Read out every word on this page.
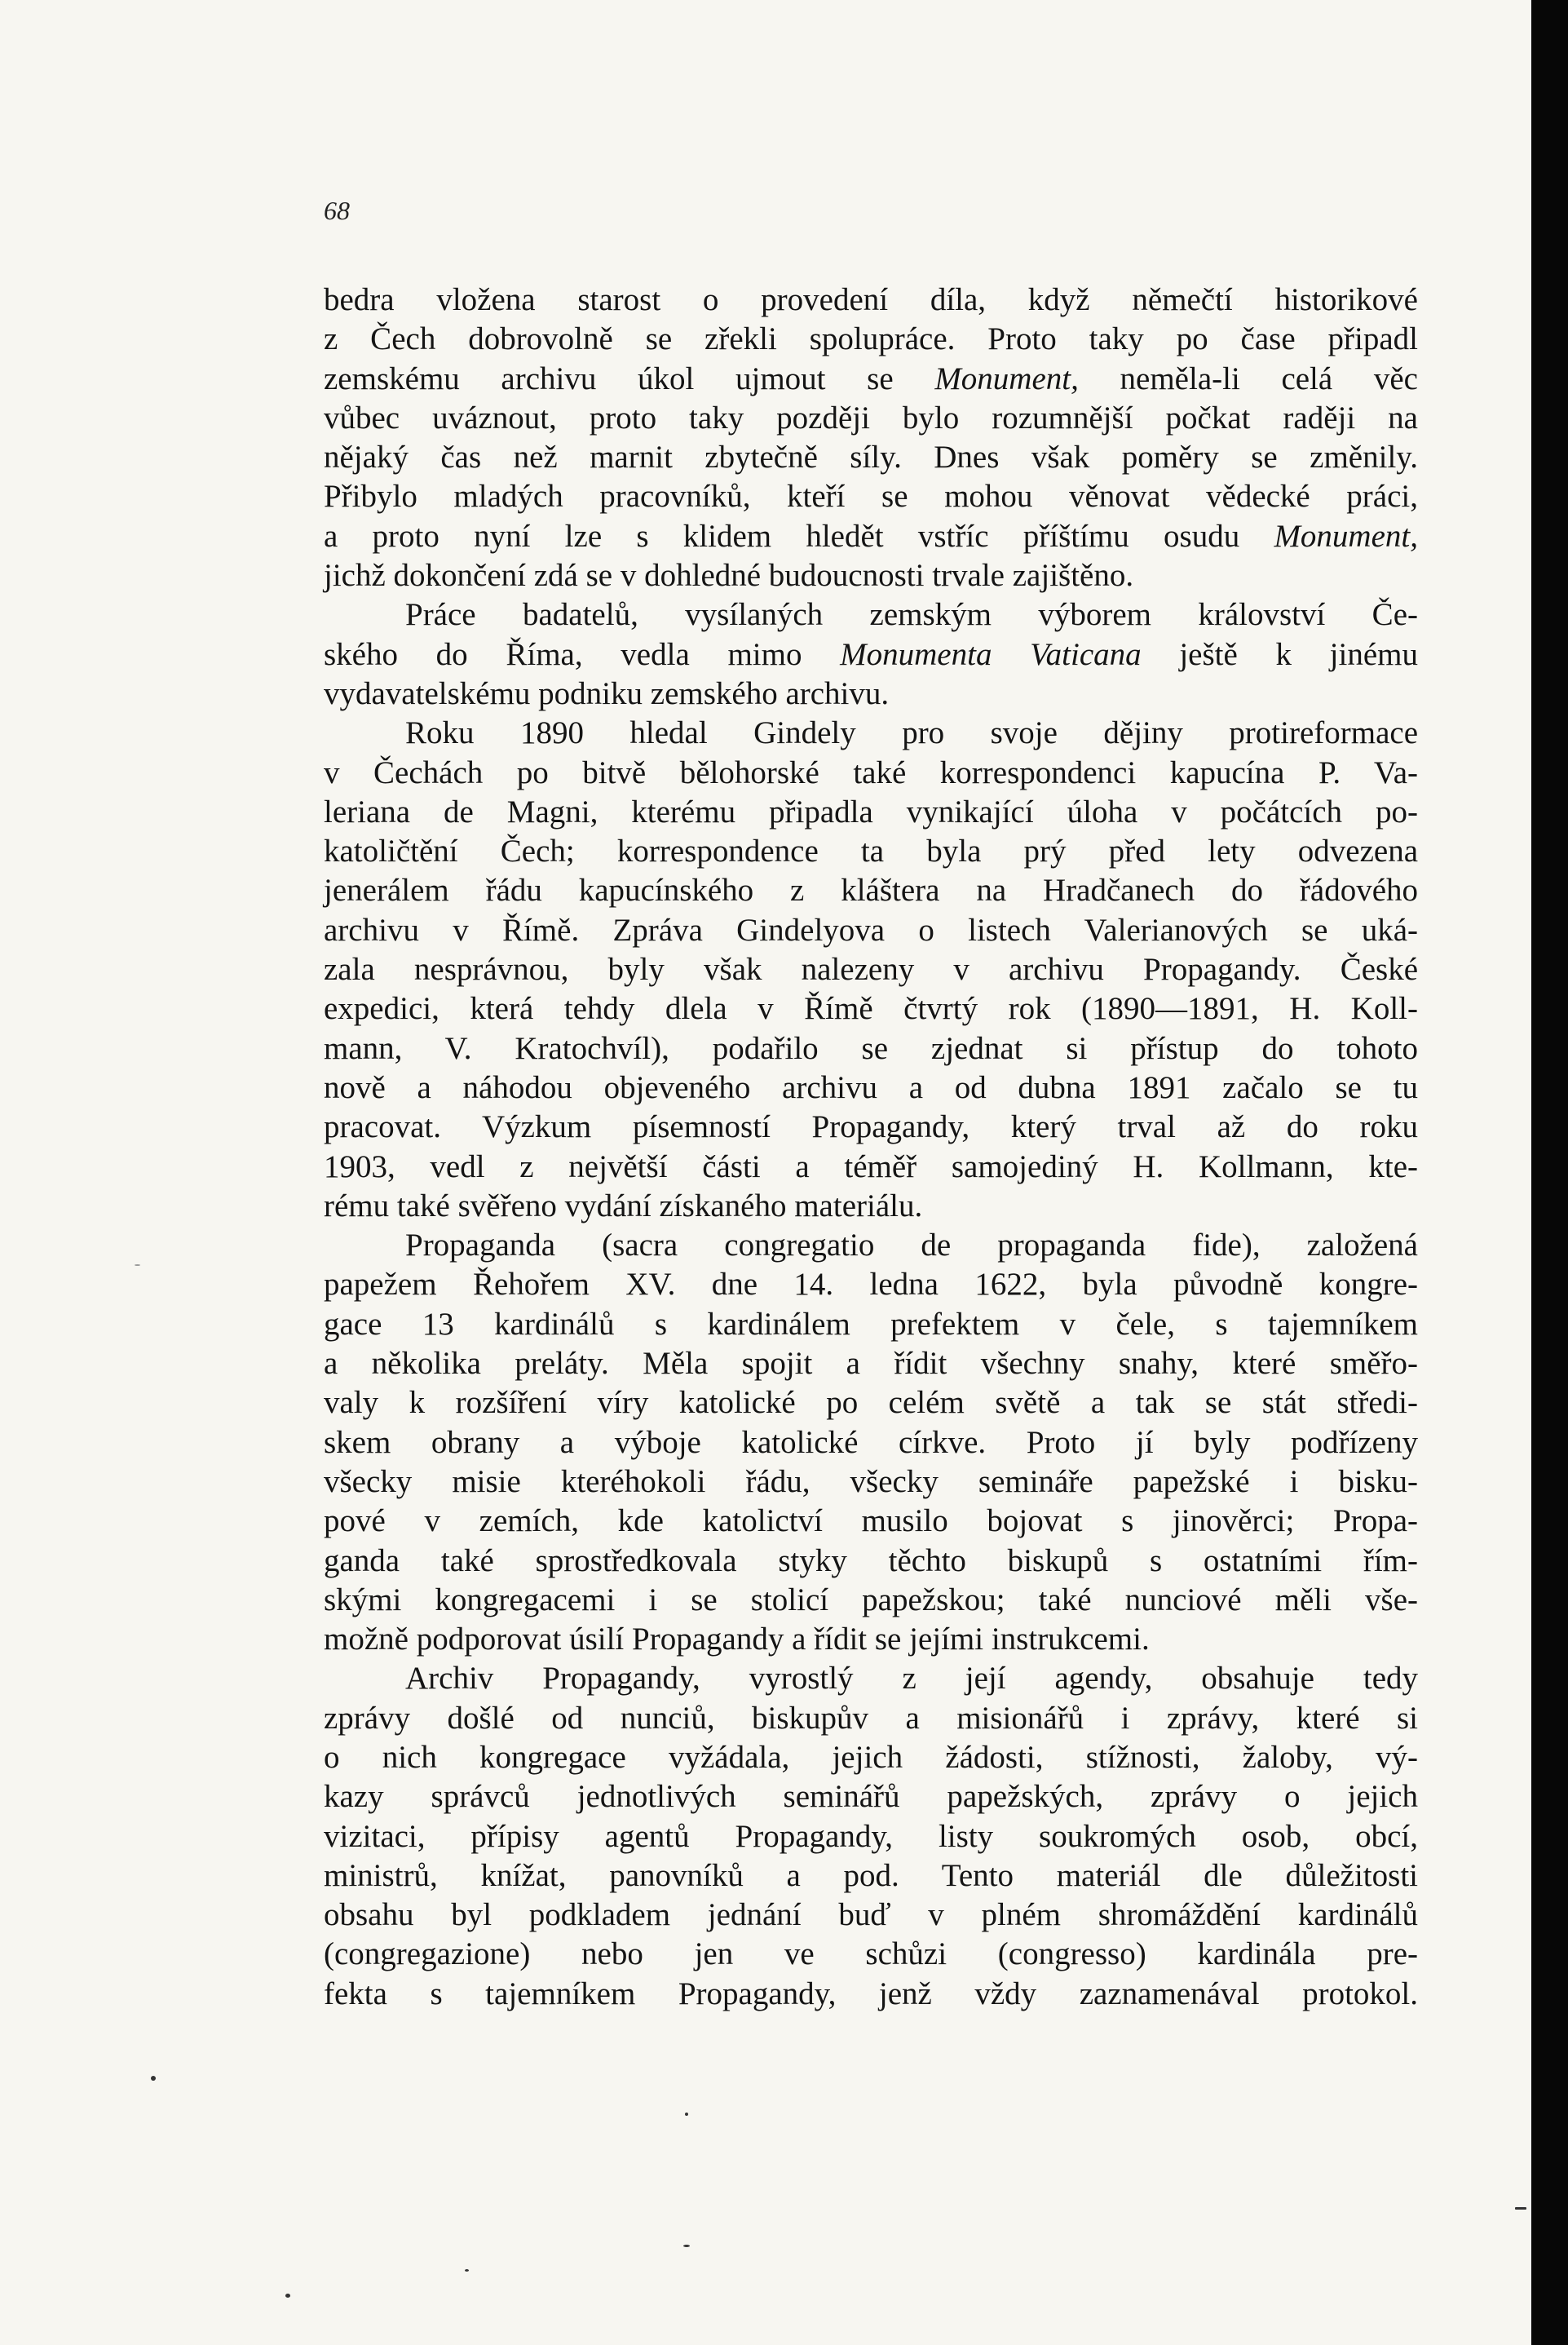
68

bedra vložena starost o provedení díla, když němečtí historikové
z Čech dobrovolně se zřekli spolupráce. Proto taky po čase připadl
zemskému archivu úkol ujmout se Monument, neměla-li celá věc
vůbec uváznout, proto taky později bylo rozumnější počkat raději na
nějaký čas než marnit zbytečně síly. Dnes však poměry se změnily.
Přibylo mladých pracovníků, kteří se mohou věnovat vědecké práci,
a proto nyní lze s klidem hledět vstříc příštímu osudu Monument,
jichž dokončení zdá se v dohledné budoucnosti trvale zajištěno.
Práce badatelů, vysílaných zemským výborem království Če-
ského do Říma, vedla mimo Monumenta Vaticana ještě k jinému
vydavatelskému podniku zemského archivu.
Roku 1890 hledal Gindely pro svoje dějiny protireformace
v Čechách po bitvě bělohorské také korrespondenci kapucína P. Va-
leriana de Magni, kterému připadla vynikající úloha v počátcích po-
katoličtění Čech; korrespondence ta byla prý před lety odvezena
jenerálem řádu kapucínského z kláštera na Hradčanech do řádového
archivu v Římě. Zpráva Gindelyova o listech Valerianových se uká-
zala nesprávnou, byly však nalezeny v archivu Propagandy. České
expedici, která tehdy dlela v Římě čtvrtý rok (1890—1891, H. Koll-
mann, V. Kratochvíl), podařilo se zjednat si přístup do tohoto
nově a náhodou objeveného archivu a od dubna 1891 začalo se tu
pracovat. Výzkum písemností Propagandy, který trval až do roku
1903, vedl z největší části a téměř samojediný H. Kollmann, kte-
rému také svěřeno vydání získaného materiálu.
Propaganda (sacra congregatio de propaganda fide), založená
papežem Řehořem XV. dne 14. ledna 1622, byla původně kongre-
gace 13 kardinálů s kardinálem prefektem v čele, s tajemníkem
a několika preláty. Měla spojit a řídit všechny snahy, které směřo-
valy k rozšíření víry katolické po celém světě a tak se stát středi-
skem obrany a výboje katolické církve. Proto jí byly podřízeny
všecky misie kteréhokoli řádu, všecky semináře papežské i bisku-
pové v zemích, kde katolictví musilo bojovat s jinověrci; Propa-
ganda také sprostředkovala styky těchto biskupů s ostatními řím-
skými kongregacemi i se stolicí papežskou; také nunciové měli vše-
možně podporovat úsilí Propagandy a řídit se jejími instrukcemi.
Archiv Propagandy, vyrostlý z její agendy, obsahuje tedy
zprávy došlé od nunciů, biskupův a misionářů i zprávy, které si
o nich kongregace vyžádala, jejich žádosti, stížnosti, žaloby, vý-
kazy správců jednotlivých seminářů papežských, zprávy o jejich
vizitaci, přípisy agentů Propagandy, listy soukromých osob, obcí,
ministrů, knížat, panovníků a pod. Tento materiál dle důležitosti
obsahu byl podkladem jednání buď v plném shromáždění kardinálů
(congregazione) nebo jen ve schůzi (congresso) kardinála pre-
fekta s tajemníkem Propagandy, jenž vždy zaznamenával protokol.
